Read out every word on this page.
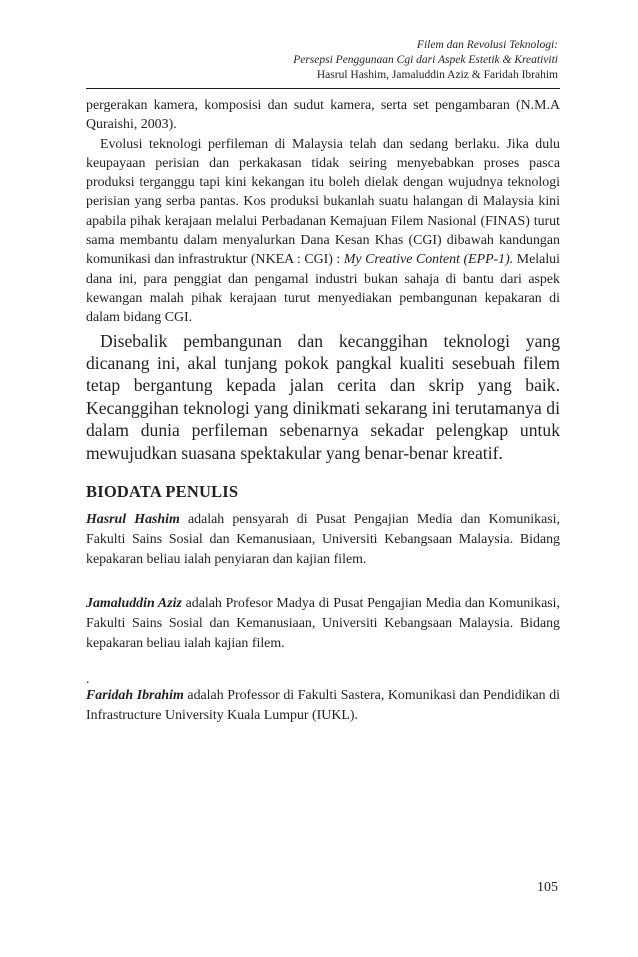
Filem dan Revolusi Teknologi:
Persepsi Penggunaan Cgi dari Aspek Estetik & Kreativiti
Hasrul Hashim, Jamaluddin Aziz & Faridah Ibrahim

pergerakan kamera, komposisi dan sudut kamera, serta set pengambaran (N.M.A Quraishi, 2003).

Evolusi teknologi perfileman di Malaysia telah dan sedang berlaku. Jika dulu keupayaan perisian dan perkakasan tidak seiring menyebabkan proses pasca produksi terganggu tapi kini kekangan itu boleh dielak dengan wujudnya teknologi perisian yang serba pantas. Kos produksi bukanlah suatu halangan di Malaysia kini apabila pihak kerajaan melalui Perbadanan Kemajuan Filem Nasional (FINAS) turut sama membantu dalam menyalurkan Dana Kesan Khas (CGI) dibawah kandungan komunikasi dan infrastruktur (NKEA : CGI) : My Creative Content (EPP-1). Melalui dana ini, para penggiat dan pengamal industri bukan sahaja di bantu dari aspek kewangan malah pihak kerajaan turut menyediakan pembangunan kepakaran di dalam bidang CGI.

Disebalik pembangunan dan kecanggihan teknologi yang dicanang ini, akal tunjang pokok pangkal kualiti sesebuah filem tetap bergantung kepada jalan cerita dan skrip yang baik. Kecanggihan teknologi yang dinikmati sekarang ini terutamanya di dalam dunia perfileman sebenarnya sekadar pelengkap untuk mewujudkan suasana spektakular yang benar-benar kreatif.

BIODATA PENULIS

Hasrul Hashim adalah pensyarah di Pusat Pengajian Media dan Komunikasi, Fakulti Sains Sosial dan Kemanusiaan, Universiti Kebangsaan Malaysia. Bidang kepakaran beliau ialah penyiaran dan kajian filem.

Jamaluddin Aziz adalah Profesor Madya di Pusat Pengajian Media dan Komunikasi, Fakulti Sains Sosial dan Kemanusiaan, Universiti Kebangsaan Malaysia. Bidang kepakaran beliau ialah kajian filem.

.

Faridah Ibrahim adalah Professor di Fakulti Sastera, Komunikasi dan Pendidikan di Infrastructure University Kuala Lumpur (IUKL).

105
